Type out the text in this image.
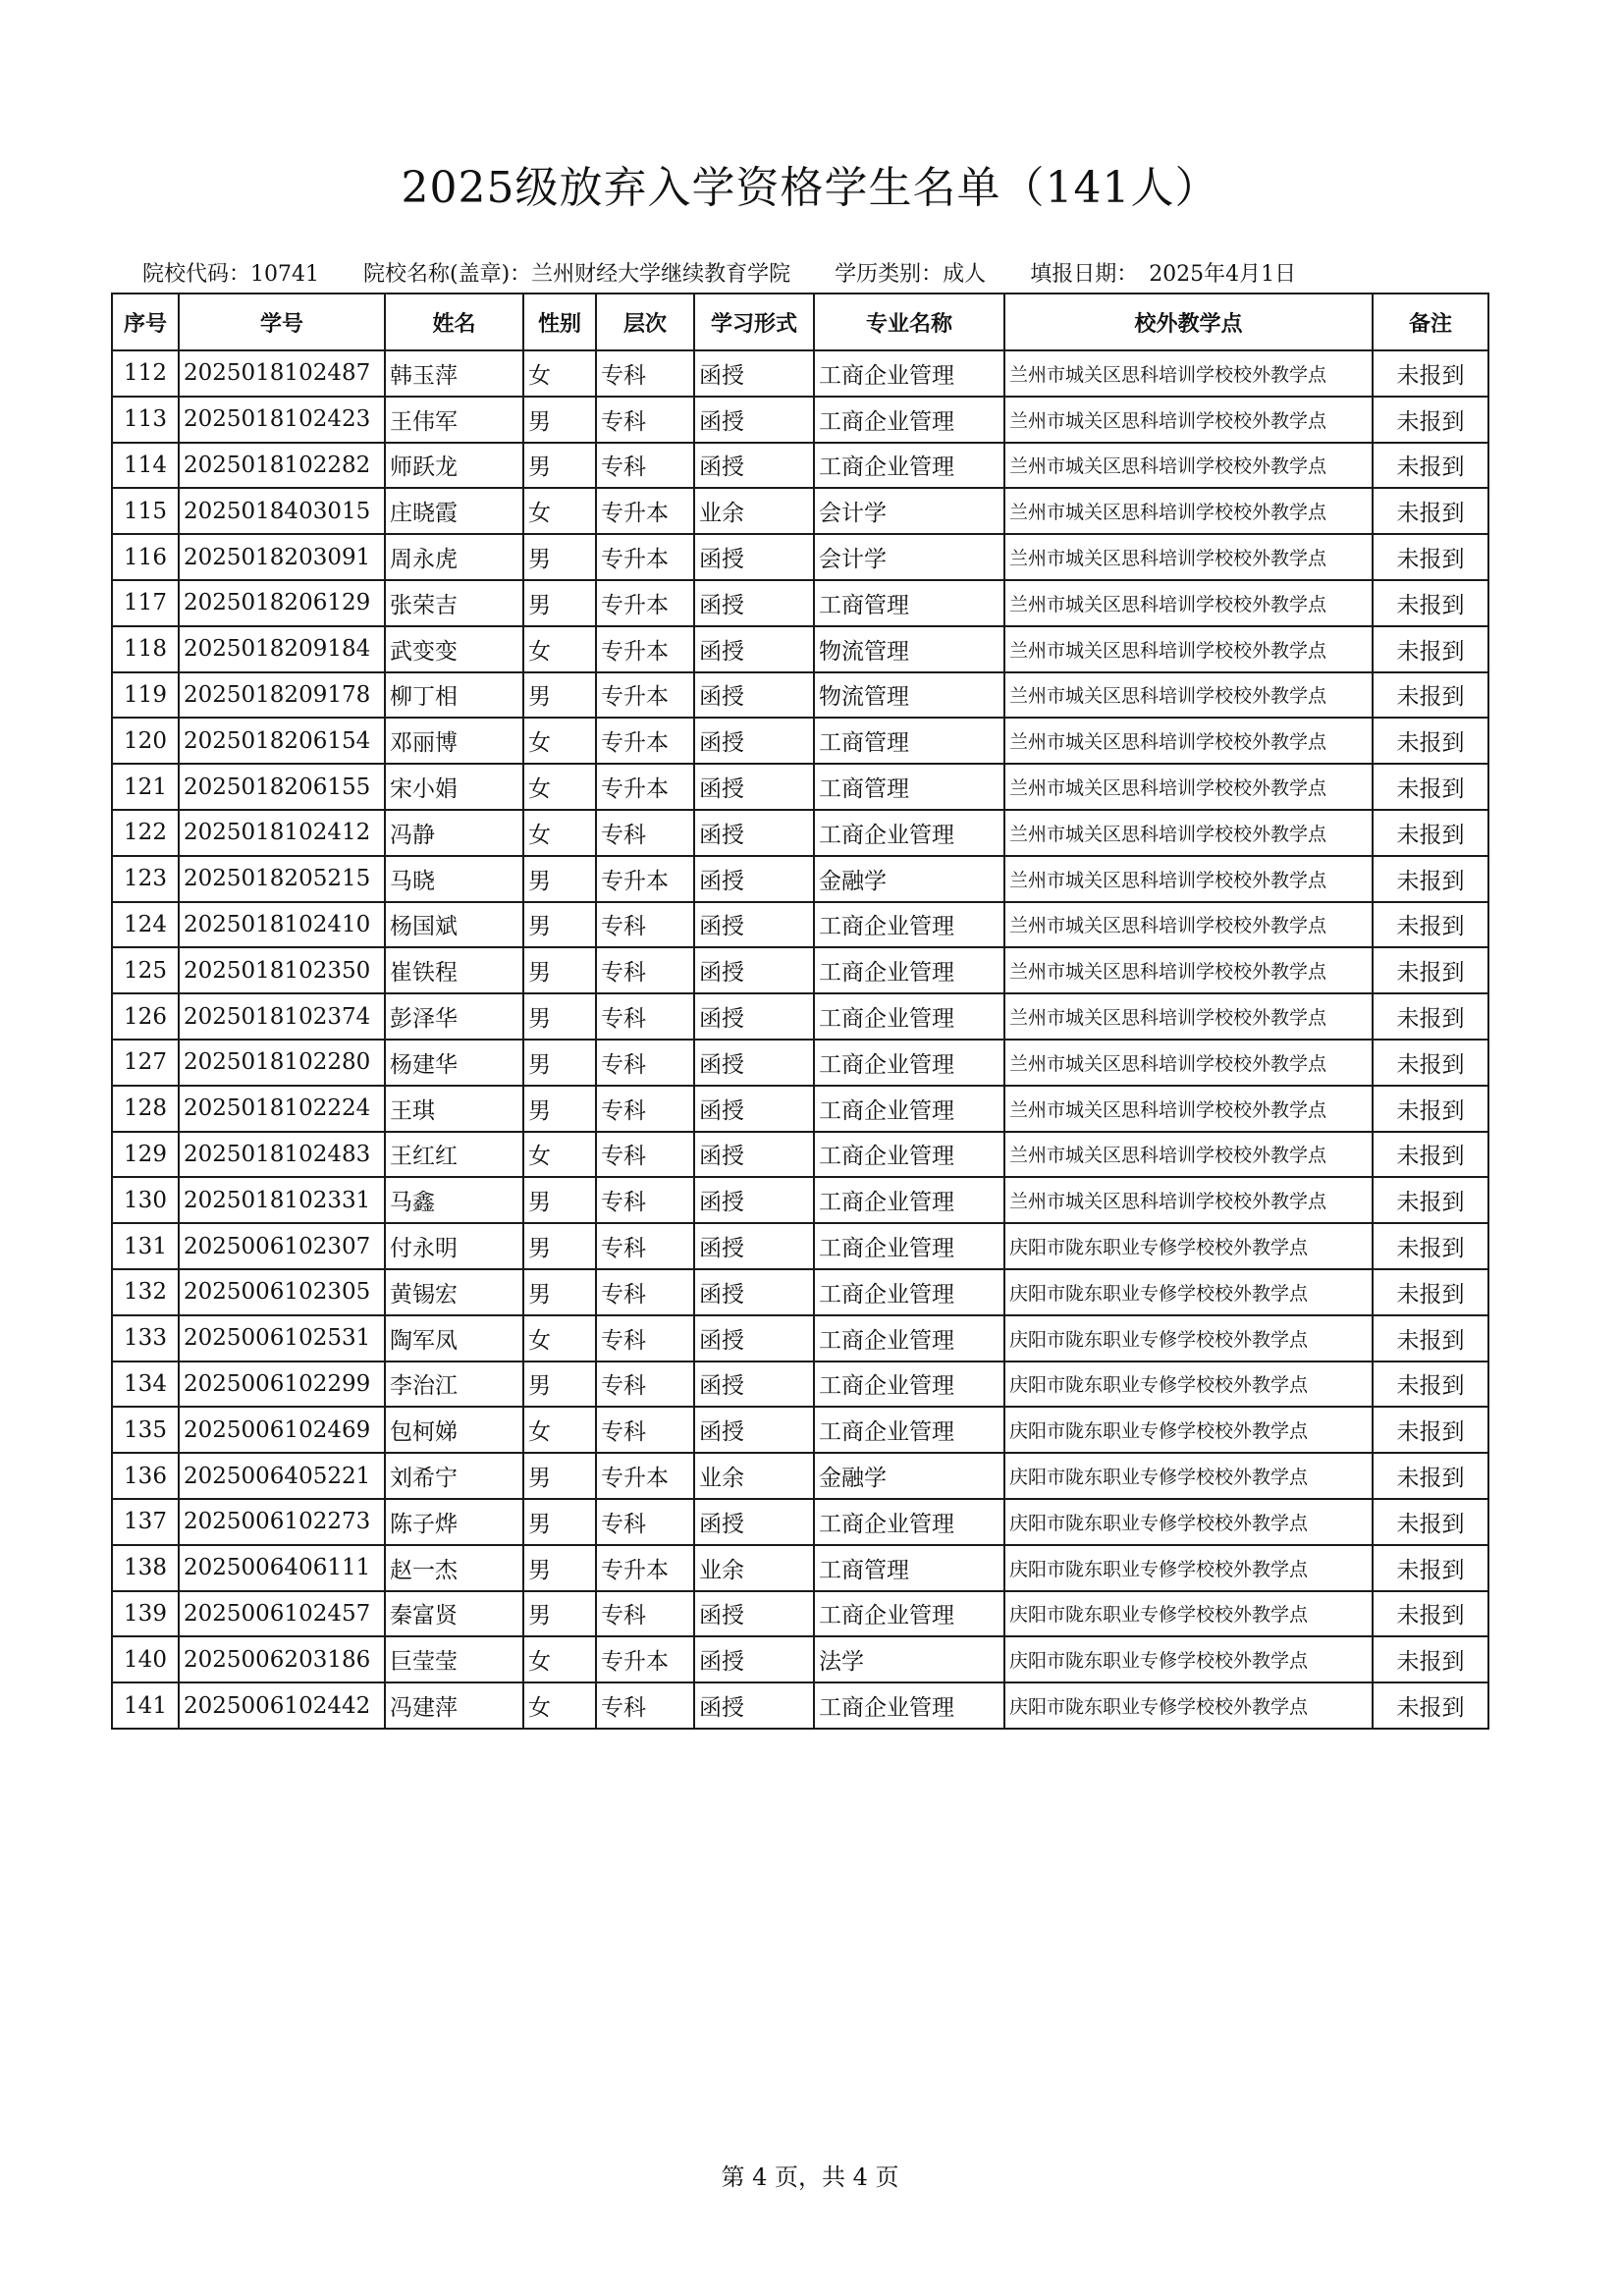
2025级放弃入学资格学生名单（141人）
院校代码：10741 院校名称(盖章)：兰州财经大学继续教育学院 学历类别：成人 填报日期：　2025年4月1日
序号	学号	姓名	性别	层次	学习形式	专业名称	校外教学点	备注
112	2025018102487	韩玉萍	女	专科	函授	工商企业管理	兰州市城关区思科培训学校校外教学点	未报到
113	2025018102423	王伟军	男	专科	函授	工商企业管理	兰州市城关区思科培训学校校外教学点	未报到
114	2025018102282	师跃龙	男	专科	函授	工商企业管理	兰州市城关区思科培训学校校外教学点	未报到
115	2025018403015	庄晓霞	女	专升本	业余	会计学	兰州市城关区思科培训学校校外教学点	未报到
116	2025018203091	周永虎	男	专升本	函授	会计学	兰州市城关区思科培训学校校外教学点	未报到
117	2025018206129	张荣吉	男	专升本	函授	工商管理	兰州市城关区思科培训学校校外教学点	未报到
118	2025018209184	武变变	女	专升本	函授	物流管理	兰州市城关区思科培训学校校外教学点	未报到
119	2025018209178	柳丁相	男	专升本	函授	物流管理	兰州市城关区思科培训学校校外教学点	未报到
120	2025018206154	邓丽博	女	专升本	函授	工商管理	兰州市城关区思科培训学校校外教学点	未报到
121	2025018206155	宋小娟	女	专升本	函授	工商管理	兰州市城关区思科培训学校校外教学点	未报到
122	2025018102412	冯静	女	专科	函授	工商企业管理	兰州市城关区思科培训学校校外教学点	未报到
123	2025018205215	马晓	男	专升本	函授	金融学	兰州市城关区思科培训学校校外教学点	未报到
124	2025018102410	杨国斌	男	专科	函授	工商企业管理	兰州市城关区思科培训学校校外教学点	未报到
125	2025018102350	崔铁程	男	专科	函授	工商企业管理	兰州市城关区思科培训学校校外教学点	未报到
126	2025018102374	彭泽华	男	专科	函授	工商企业管理	兰州市城关区思科培训学校校外教学点	未报到
127	2025018102280	杨建华	男	专科	函授	工商企业管理	兰州市城关区思科培训学校校外教学点	未报到
128	2025018102224	王琪	男	专科	函授	工商企业管理	兰州市城关区思科培训学校校外教学点	未报到
129	2025018102483	王红红	女	专科	函授	工商企业管理	兰州市城关区思科培训学校校外教学点	未报到
130	2025018102331	马鑫	男	专科	函授	工商企业管理	兰州市城关区思科培训学校校外教学点	未报到
131	2025006102307	付永明	男	专科	函授	工商企业管理	庆阳市陇东职业专修学校校外教学点	未报到
132	2025006102305	黄锡宏	男	专科	函授	工商企业管理	庆阳市陇东职业专修学校校外教学点	未报到
133	2025006102531	陶军凤	女	专科	函授	工商企业管理	庆阳市陇东职业专修学校校外教学点	未报到
134	2025006102299	李治江	男	专科	函授	工商企业管理	庆阳市陇东职业专修学校校外教学点	未报到
135	2025006102469	包柯娣	女	专科	函授	工商企业管理	庆阳市陇东职业专修学校校外教学点	未报到
136	2025006405221	刘希宁	男	专升本	业余	金融学	庆阳市陇东职业专修学校校外教学点	未报到
137	2025006102273	陈子烨	男	专科	函授	工商企业管理	庆阳市陇东职业专修学校校外教学点	未报到
138	2025006406111	赵一杰	男	专升本	业余	工商管理	庆阳市陇东职业专修学校校外教学点	未报到
139	2025006102457	秦富贤	男	专科	函授	工商企业管理	庆阳市陇东职业专修学校校外教学点	未报到
140	2025006203186	巨莹莹	女	专升本	函授	法学	庆阳市陇东职业专修学校校外教学点	未报到
141	2025006102442	冯建萍	女	专科	函授	工商企业管理	庆阳市陇东职业专修学校校外教学点	未报到
第 4 页，共 4 页
